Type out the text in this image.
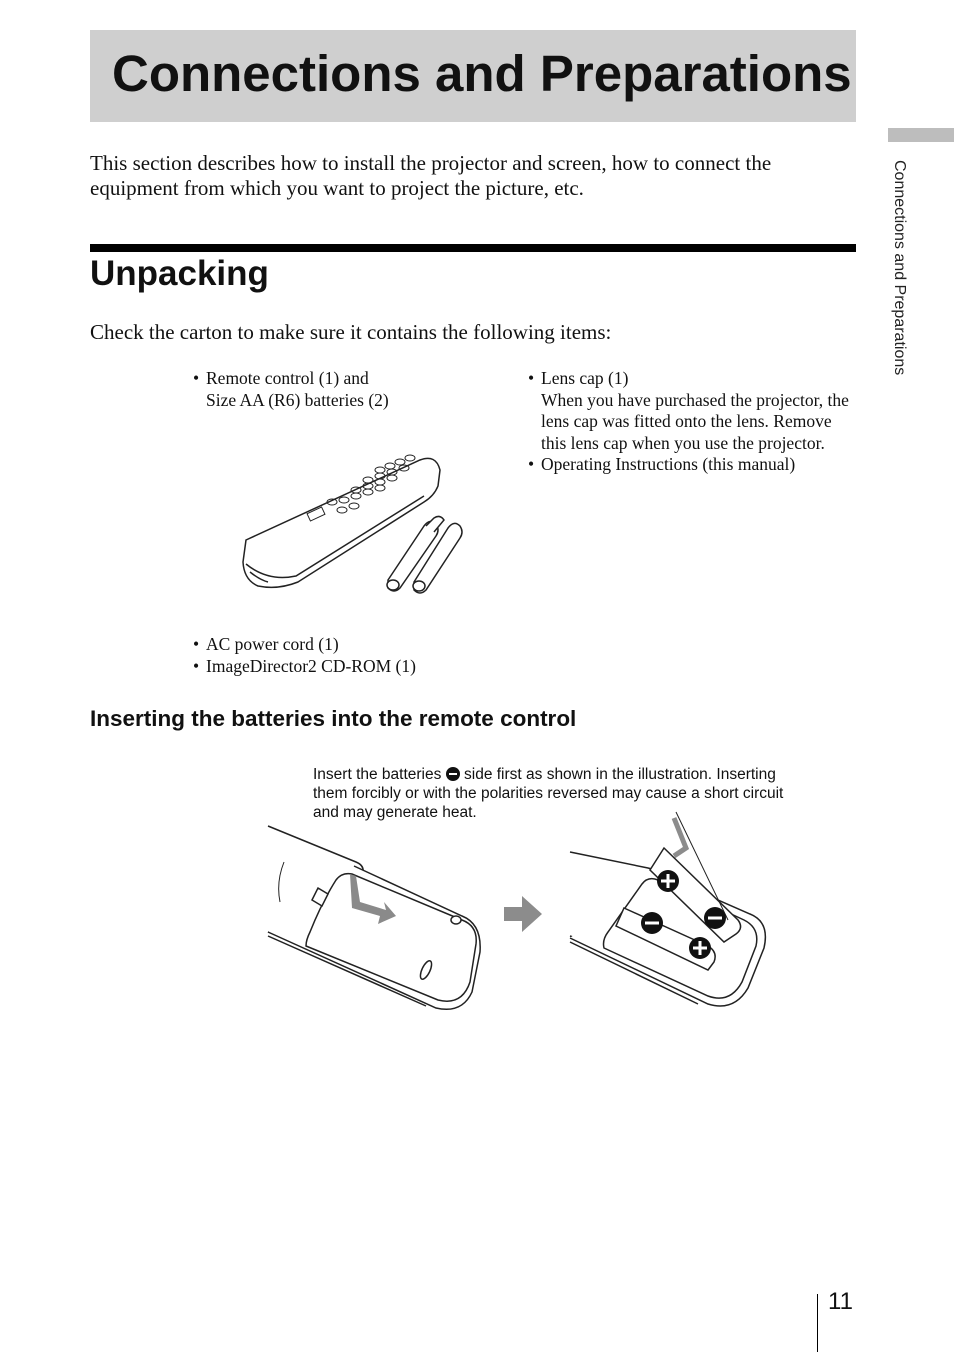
Connections and Preparations
Connections and Preparations

This section describes how to install the projector and screen, how to connect the equipment from which you want to project the picture, etc.

Unpacking

Check the carton to make sure it contains the following items:

• Remote control (1) and
Size AA (R6) batteries (2)
• Lens cap (1)
When you have purchased the projector, the lens cap was fitted onto the lens. Remove this lens cap when you use the projector.
• Operating Instructions (this manual)
• AC power cord (1)
• ImageDirector2 CD-ROM (1)
Inserting the batteries into the remote control

Insert the batteries side first as shown in the illustration. Inserting them forcibly or with the polarities reversed may cause a short circuit and may generate heat.

11
